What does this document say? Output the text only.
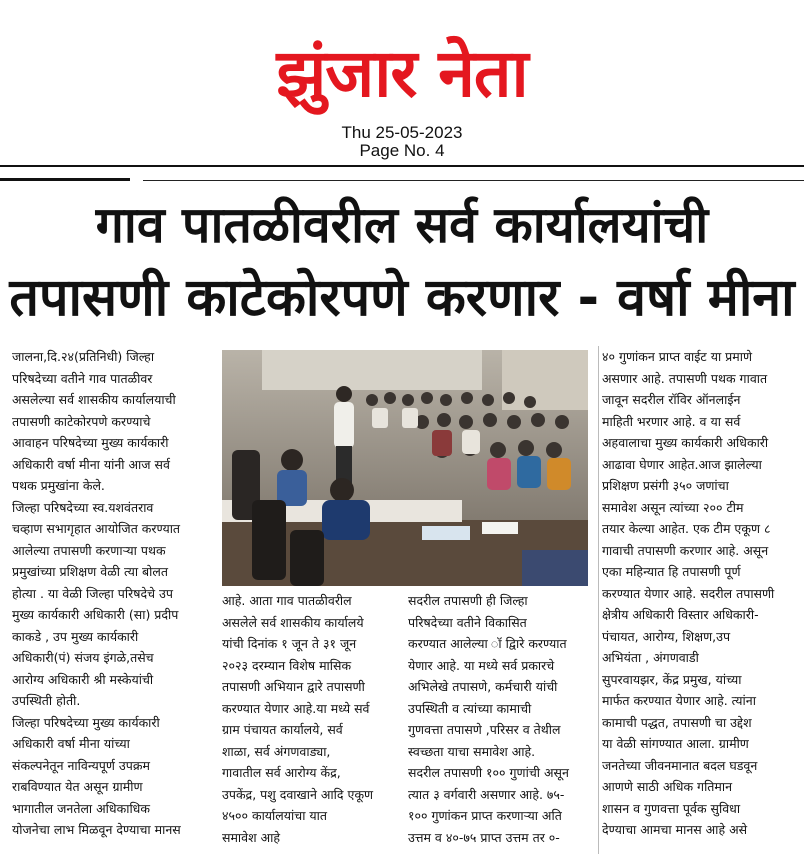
झुंजार नेता
Thu 25-05-2023
Page No. 4
गाव पातळीवरील सर्व कार्यालयांची
तपासणी काटेकोरपणे करणार - वर्षा मीना

जालना,दि.२४(प्रतिनिधी) जिल्हा

परिषदेच्या वतीने गाव पातळीवर

असलेल्या सर्व शासकीय कार्यालयाची

तपासणी काटेकोरपणे करण्याचे

आवाहन परिषदेच्या मुख्य कार्यकारी

अधिकारी वर्षा मीना यांनी आज सर्व

पथक प्रमुखांना केले.

जिल्हा परिषदेच्या स्व.यशवंतराव

चव्हाण सभागृहात आयोजित करण्यात

आलेल्या तपासणी करणाऱ्या पथक

प्रमुखांच्या प्रशिक्षण वेळी त्या बोलत

होत्या . या वेळी जिल्हा परिषदेचे उप

मुख्य कार्यकारी अधिकारी (सा) प्रदीप

काकडे , उप मुख्य कार्यकारी

अधिकारी(पं) संजय इंगळे,तसेच

आरोग्य अधिकारी श्री मस्केयांची

उपस्थिती होती.

जिल्हा परिषदेच्या मुख्य कार्यकारी

अधिकारी वर्षा मीना यांच्या

संकल्पनेतून नाविन्यपूर्ण उपक्रम

राबविण्यात येत असून ग्रामीण

भागातील जनतेला अधिकाधिक

योजनेचा लाभ मिळवून देण्याचा मानस

आहे. आता गाव पातळीवरील

असलेले सर्व शासकीय कार्यालये

यांची दिनांक १ जून ते ३१ जून

२०२३ दरम्यान विशेष मासिक

तपासणी अभियान द्वारे तपासणी

करण्यात येणार आहे.या मध्ये सर्व

ग्राम पंचायत कार्यालये, सर्व

शाळा, सर्व अंगणवाड्या,

गावातील सर्व आरोग्य केंद्र,

उपकेंद्र, पशु दवाखाने आदि एकूण

४५०० कार्यालयांचा यात

समावेश आहे

सदरील तपासणी ही जिल्हा

परिषदेच्या वतीने विकासित

करण्यात आलेल्या ॉ द्विारे करण्यात

येणार आहे. या मध्ये सर्व प्रकारचे

अभिलेखे तपासणे, कर्मचारी यांची

उपस्थिती व त्यांच्या कामाची

गुणवत्ता तपासणे ,परिसर व तेथील

स्वच्छता याचा समावेश आहे.

सदरील तपासणी १०० गुणांची असून

त्यात ३ वर्गवारी असणार आहे. ७५-

१०० गुणांकन प्राप्त करणाऱ्या अति

उत्तम व ४०-७५ प्राप्त उत्तम तर ०-

४० गुणांकन प्राप्त वाईट या प्रमाणे

असणार आहे. तपासणी पथक गावात

जावून सदरील रॉविर ऑनलाईन

माहिती भरणार आहे. व या सर्व

अहवालाचा मुख्य कार्यकारी अधिकारी

आढावा घेणार आहेत.आज झालेल्या

प्रशिक्षण प्रसंगी ३५० जणांचा

समावेश असून त्यांच्या २०० टीम

तयार केल्या आहेत. एक टीम एकूण ८

गावाची तपासणी करणार आहे. असून

एका महिन्यात हि तपासणी पूर्ण

करण्यात येणार आहे. सदरील तपासणी

क्षेत्रीय अधिकारी विस्तार अधिकारी-

पंचायत, आरोग्य, शिक्षण,उप

अभियंता , अंगणवाडी

सुपरवायझर, केंद्र प्रमुख, यांच्या

मार्फत करण्यात येणार आहे. त्यांना

कामाची पद्धत, तपासणी चा उद्देश

या वेळी सांगण्यात आला. ग्रामीण

जनतेच्या जीवनमानात बदल घडवून

आणणे साठी अधिक गतिमान

शासन व गुणवत्ता पूर्वक सुविधा

देण्याचा आमचा मानस आहे असे
